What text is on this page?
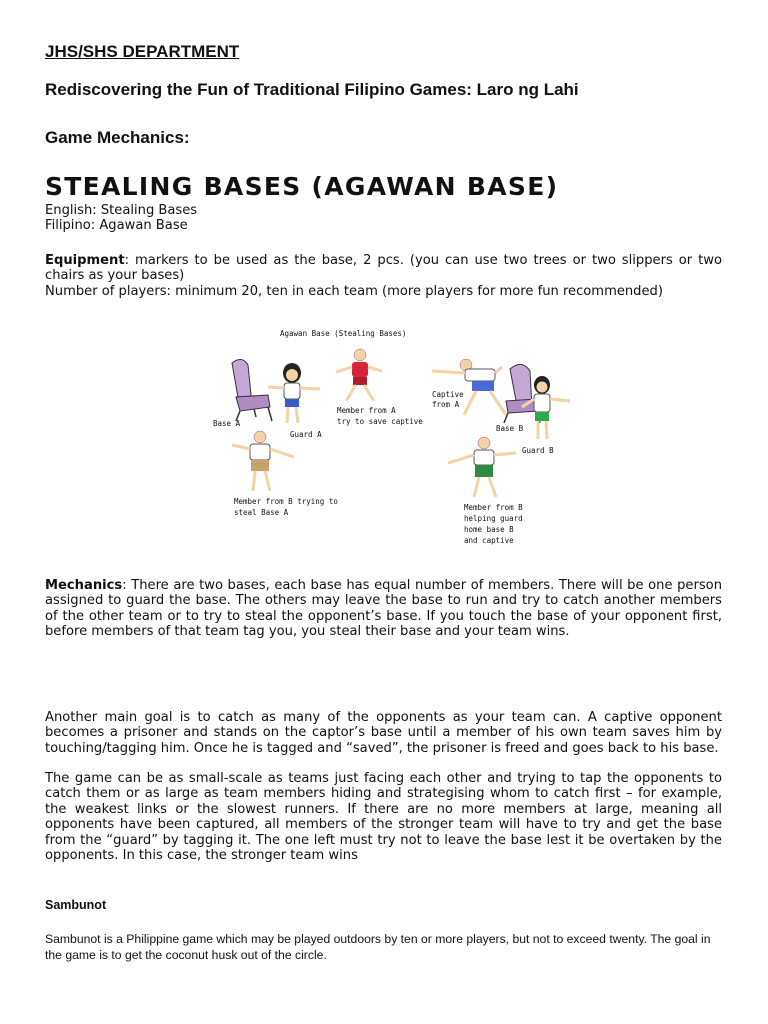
JHS/SHS DEPARTMENT
Rediscovering the Fun of Traditional Filipino Games: Laro ng Lahi
Game Mechanics:
STEALING BASES (AGAWAN BASE)
English: Stealing Bases
Filipino: Agawan Base
Equipment: markers to be used as the base, 2 pcs. (you can use two trees or two slippers or two chairs as your bases)
Number of players: minimum 20, ten in each team (more players for more fun recommended)
Agawan Base (Stealing Bases)
Base A
Guard A
Member from A
try to save captive
Captive
from A
Base B
Guard B
Member from B trying to
steal Base A
Member from B
helping guard
home base B
and captive
Mechanics: There are two bases, each base has equal number of members. There will be one person assigned to guard the base. The others may leave the base to run and try to catch another members of the other team or to try to steal the opponent’s base. If you touch the base of your opponent first, before members of that team tag you, you steal their base and your team wins.
Another main goal is to catch as many of the opponents as your team can. A captive opponent becomes a prisoner and stands on the captor’s base until a member of his own team saves him by touching/tagging him. Once he is tagged and “saved”, the prisoner is freed and goes back to his base.
The game can be as small-scale as teams just facing each other and trying to tap the opponents to catch them or as large as team members hiding and strategising whom to catch first – for example, the weakest links or the slowest runners. If there are no more members at large, meaning all opponents have been captured, all members of the stronger team will have to try and get the base from the “guard” by tagging it. The one left must try not to leave the base lest it be overtaken by the opponents. In this case, the stronger team wins
Sambunot
Sambunot is a Philippine game which may be played outdoors by ten or more players, but not to exceed twenty. The goal in the game is to get the coconut husk out of the circle.
